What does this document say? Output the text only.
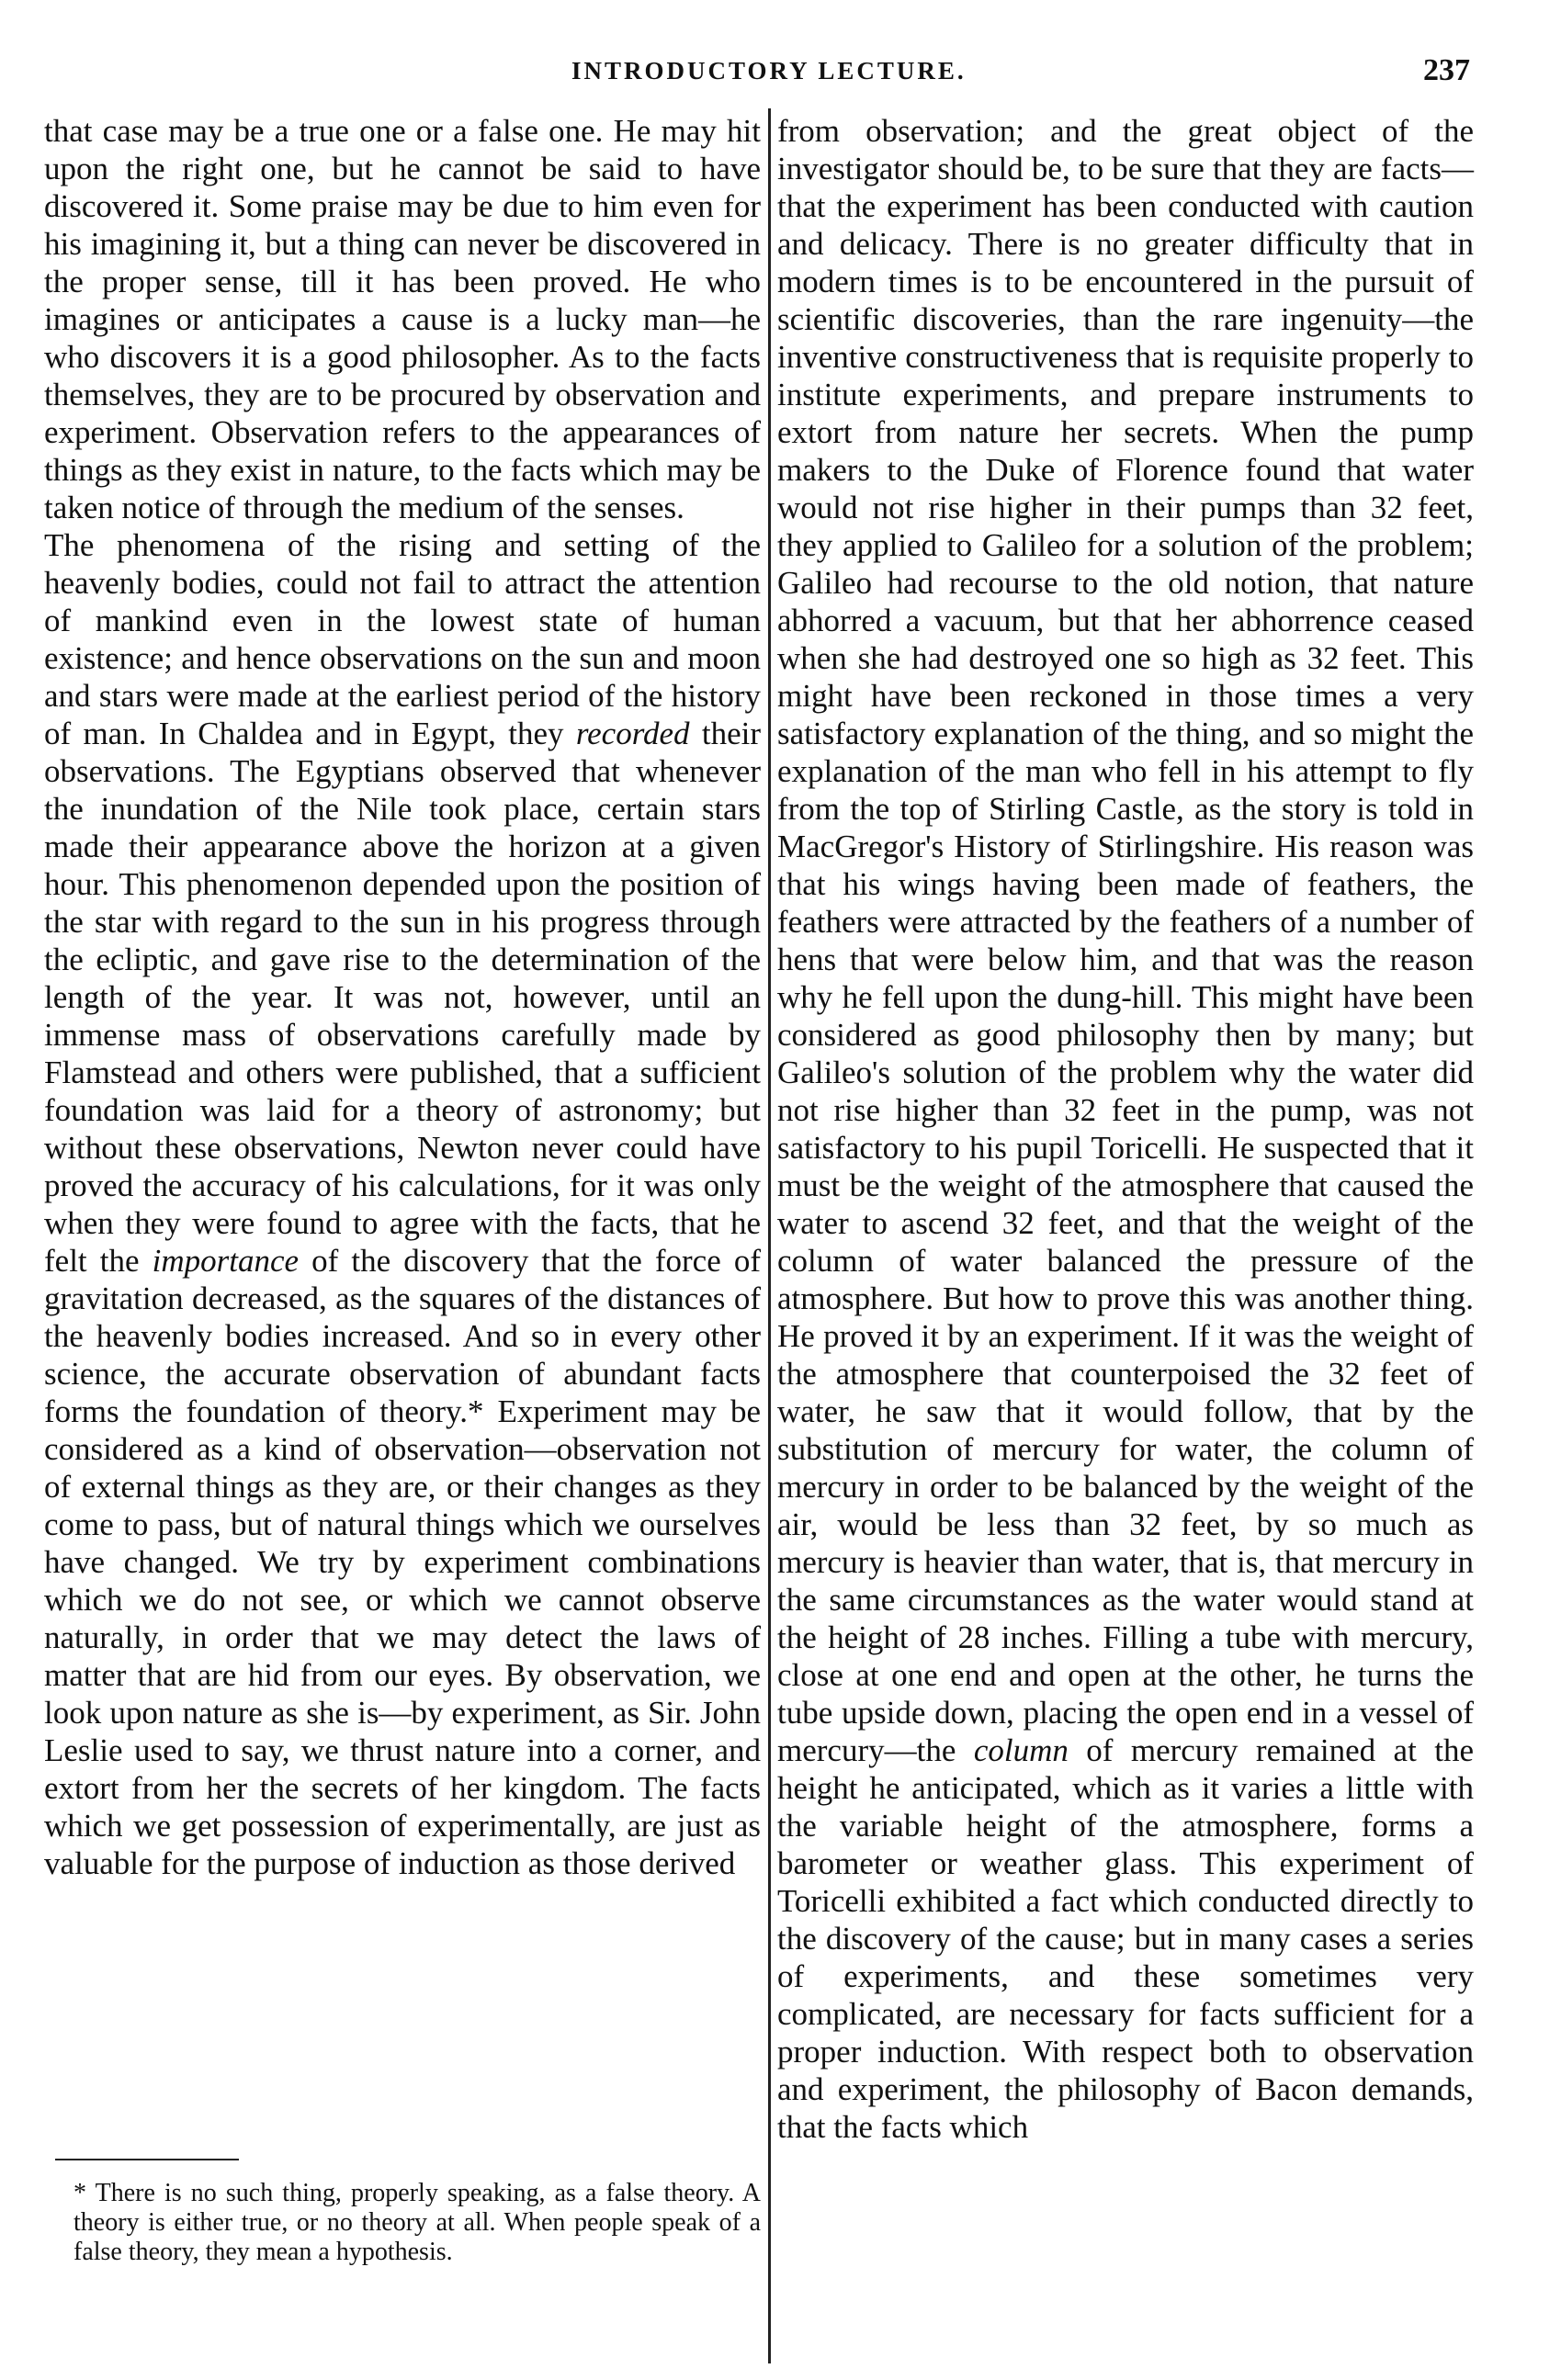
INTRODUCTORY LECTURE.	237

that case may be a true one or a false one. He may hit upon the right one, but he cannot be said to have discovered it. Some praise may be due to him even for his imagining it, but a thing can never be discovered in the proper sense, till it has been proved. He who imagines or anticipates a cause is a lucky man—he who discovers it is a good philosopher. As to the facts themselves, they are to be procured by observation and experiment. Observation refers to the appearances of things as they exist in nature, to the facts which may be taken notice of through the medium of the senses.

The phenomena of the rising and setting of the heavenly bodies, could not fail to attract the attention of mankind even in the lowest state of human existence; and hence observations on the sun and moon and stars were made at the earliest period of the history of man. In Chaldea and in Egypt, they recorded their observations. The Egyptians observed that whenever the inundation of the Nile took place, certain stars made their appearance above the horizon at a given hour. This phenomenon depended upon the position of the star with regard to the sun in his progress through the ecliptic, and gave rise to the determination of the length of the year. It was not, however, until an immense mass of observations carefully made by Flamstead and others were published, that a sufficient foundation was laid for a theory of astronomy; but without these observations, Newton never could have proved the accuracy of his calculations, for it was only when they were found to agree with the facts, that he felt the importance of the discovery that the force of gravitation decreased, as the squares of the distances of the heavenly bodies increased. And so in every other science, the accurate observation of abundant facts forms the foundation of theory.* Experiment may be considered as a kind of observation—observation not of external things as they are, or their changes as they come to pass, but of natural things which we ourselves have changed. We try by experiment combinations which we do not see, or which we cannot observe naturally, in order that we may detect the laws of matter that are hid from our eyes. By observation, we look upon nature as she is—by experiment, as Sir. John Leslie used to say, we thrust nature into a corner, and extort from her the secrets of her kingdom. The facts which we get possession of experimentally, are just as valuable for the purpose of induction as those derived

from observation; and the great object of the investigator should be, to be sure that they are facts—that the experiment has been conducted with caution and delicacy. There is no greater difficulty that in modern times is to be encountered in the pursuit of scientific discoveries, than the rare ingenuity—the inventive constructiveness that is requisite properly to institute experiments, and prepare instruments to extort from nature her secrets. When the pump makers to the Duke of Florence found that water would not rise higher in their pumps than 32 feet, they applied to Galileo for a solution of the problem; Galileo had recourse to the old notion, that nature abhorred a vacuum, but that her abhorrence ceased when she had destroyed one so high as 32 feet. This might have been reckoned in those times a very satisfactory explanation of the thing, and so might the explanation of the man who fell in his attempt to fly from the top of Stirling Castle, as the story is told in MacGregor's History of Stirlingshire. His reason was that his wings having been made of feathers, the feathers were attracted by the feathers of a number of hens that were below him, and that was the reason why he fell upon the dung-hill. This might have been considered as good philosophy then by many; but Galileo's solution of the problem why the water did not rise higher than 32 feet in the pump, was not satisfactory to his pupil Toricelli. He suspected that it must be the weight of the atmosphere that caused the water to ascend 32 feet, and that the weight of the column of water balanced the pressure of the atmosphere. But how to prove this was another thing. He proved it by an experiment. If it was the weight of the atmosphere that counterpoised the 32 feet of water, he saw that it would follow, that by the substitution of mercury for water, the column of mercury in order to be balanced by the weight of the air, would be less than 32 feet, by so much as mercury is heavier than water, that is, that mercury in the same circumstances as the water would stand at the height of 28 inches. Filling a tube with mercury, close at one end and open at the other, he turns the tube upside down, placing the open end in a vessel of mercury—the column of mercury remained at the height he anticipated, which as it varies a little with the variable height of the atmosphere, forms a barometer or weather glass. This experiment of Toricelli exhibited a fact which conducted directly to the discovery of the cause; but in many cases a series of experiments, and these sometimes very complicated, are necessary for facts sufficient for a proper induction. With respect both to observation and experiment, the philosophy of Bacon demands, that the facts which

* There is no such thing, properly speaking, as a false theory. A theory is either true, or no theory at all. When people speak of a false theory, they mean a hypothesis.
